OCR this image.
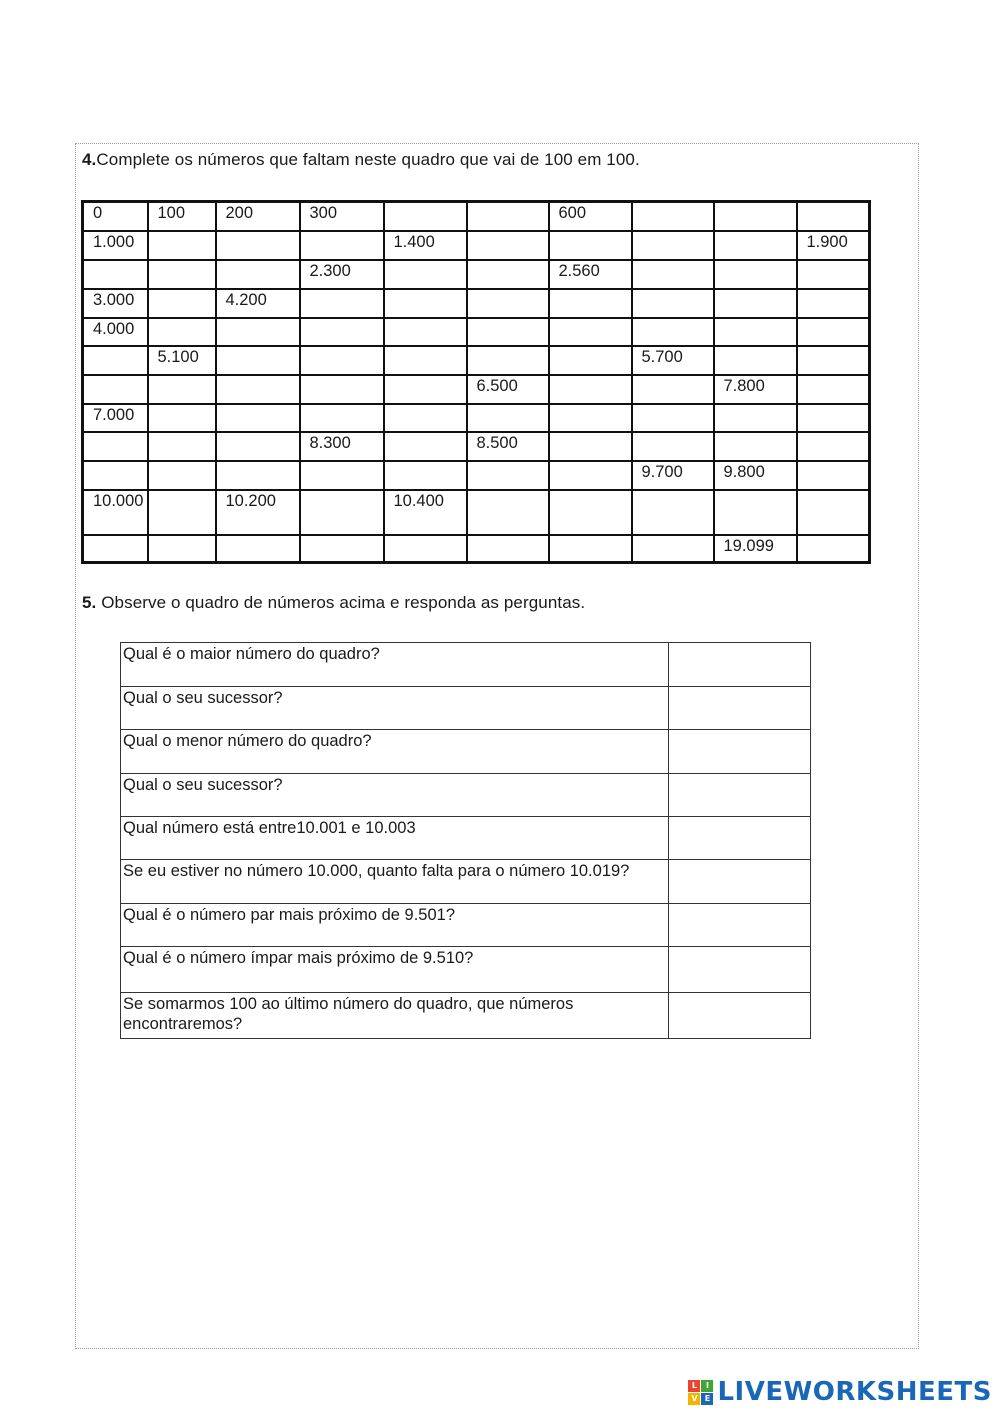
4.Complete os números que faltam neste quadro que vai de 100 em 100.
0	100	200	300			600			
1.000				1.400					1.900
			2.300			2.560			
3.000		4.200							
4.000									
	5.100						5.700		
					6.500			7.800	
7.000									
			8.300		8.500				
							9.700	9.800	
10.000		10.200		10.400					
								19.099	
5. Observe o quadro de números acima e responda as perguntas.
Qual é o maior número do quadro?	
Qual o seu sucessor?	
Qual o menor número do quadro?	
Qual o seu sucessor?	
Qual número está entre10.001 e 10.003	
Se eu estiver no número 10.000, quanto falta para o número 10.019?	
Qual é o número par mais próximo de 9.501?	
Qual é o número ímpar mais próximo de 9.510?	
Se somarmos 100 ao último número do quadro, que números encontraremos?	
L	I
V E LIVEWORKSHEETS
